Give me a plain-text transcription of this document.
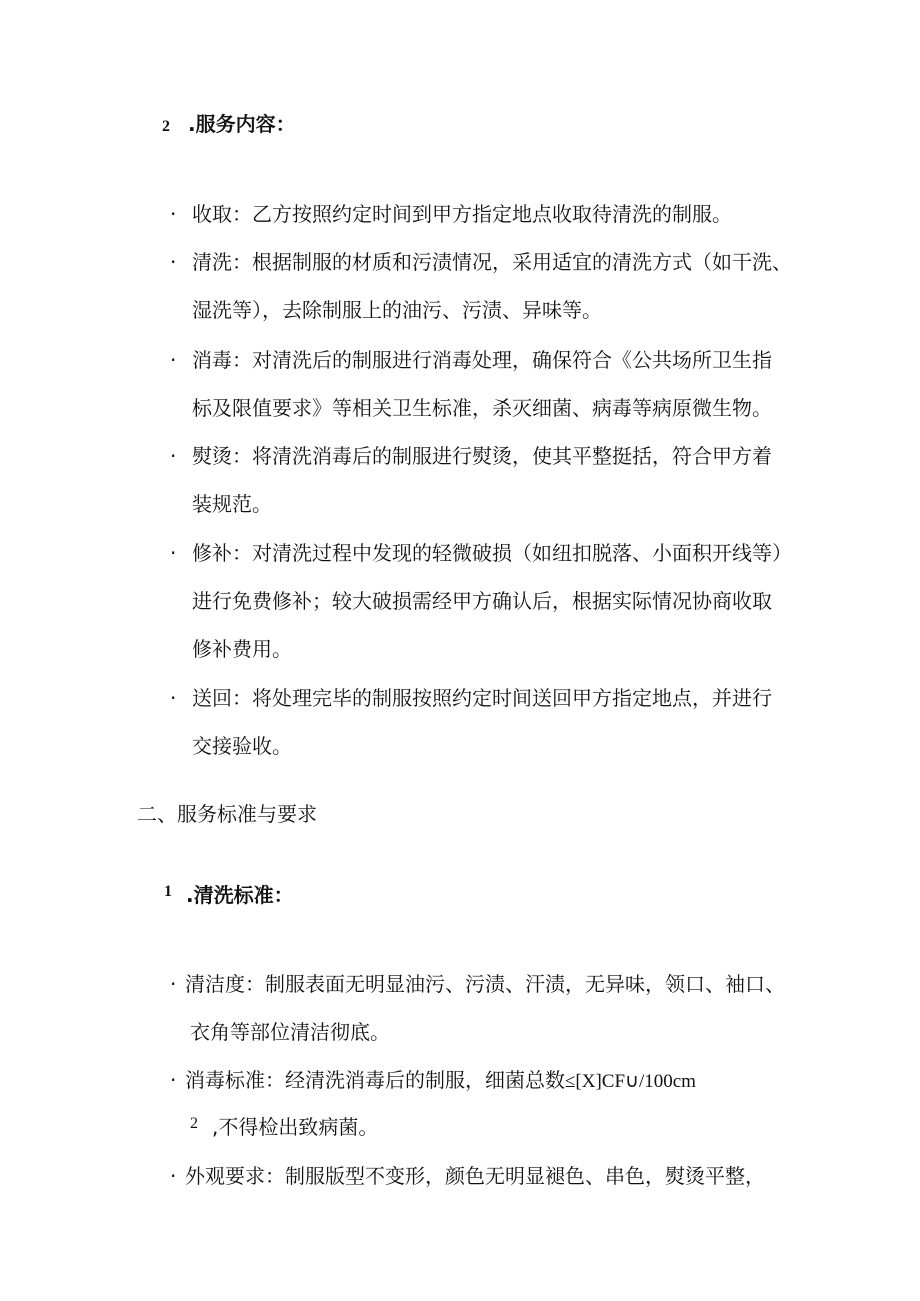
2 .服务内容：
· 收取：乙方按照约定时间到甲方指定地点收取待清洗的制服。
· 清洗：根据制服的材质和污渍情况，采用适宜的清洗方式（如干洗、
湿洗等），去除制服上的油污、污渍、异味等。
· 消毒：对清洗后的制服进行消毒处理，确保符合《公共场所卫生指
标及限值要求》等相关卫生标准，杀灭细菌、病毒等病原微生物。
· 熨烫：将清洗消毒后的制服进行熨烫，使其平整挺括，符合甲方着
装规范。
· 修补：对清洗过程中发现的轻微破损（如纽扣脱落、小面积开线等）
进行免费修补；较大破损需经甲方确认后，根据实际情况协商收取
修补费用。
· 送回：将处理完毕的制服按照约定时间送回甲方指定地点，并进行
交接验收。
二、服务标准与要求
1 .清洗标准：
· 清洁度：制服表面无明显油污、污渍、汗渍，无异味，领口、袖口、
衣角等部位清洁彻底。
· 消毒标准：经清洗消毒后的制服，细菌总数≤[X]CF∪/100cm
2 ,不得检出致病菌。
· 外观要求：制服版型不变形，颜色无明显褪色、串色，熨烫平整，
